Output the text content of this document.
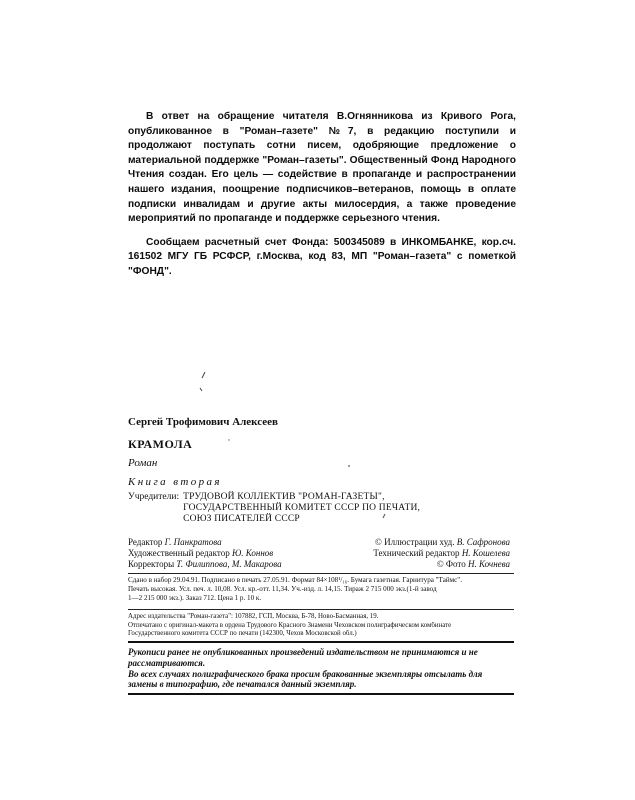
В ответ на обращение читателя В.Огнянникова из Кривого Рога, опубликованное в "Роман–газете" №7, в редакцию поступили и продолжают поступать сотни писем, одобряющие предложение о материальной поддержке "Роман–газеты". Общественный Фонд Народного Чтения создан. Его цель — содействие в пропаганде и распространении нашего издания, поощрение подписчиков–ветеранов, помощь в оплате подписки инвалидам и другие акты милосердия, а также проведение мероприятий по пропаганде и поддержке серьезного чтения.

Сообщаем расчетный счет Фонда: 500345089 в ИНКОМБАНКЕ, кор.сч. 161502 МГУ ГБ РСФСР, г.Москва, код 83, МП "Роман–газета" с пометкой "ФОНД".

Сергей Трофимович Алексеев
КРАМОЛА
Роман
Книга вторая
Учредители: ТРУДОВОЙ КОЛЛЕКТИВ "РОМАН-ГАЗЕТЫ",
ГОСУДАРСТВЕННЫЙ КОМИТЕТ СССР ПО ПЕЧАТИ,
СОЮЗ ПИСАТЕЛЕЙ СССР
Редактор Г. Панкратова
Художественный редактор Ю. Коннов
Корректоры Т. Филиппова, М. Макарова
© Иллюстрации худ. В. Сафронова
Технический редактор Н. Кошелева
© Фото Н. Кочнева
Сдано в набор 29.04.91. Подписано в печать 27.05.91. Формат 84×108¹/₁₆. Бумага газетная. Гарнитура "Таймс".
Печать высокая. Усл. печ. л. 10,08. Усл. кр.-отт. 11,34. Уч.-изд. л. 14,15. Тираж 2 715 000 экз.(1-й завод
1—2 215 000 экз.). Заказ 712. Цена 1 р. 10 к.
Адрес издательства "Роман-газета": 107882, ГСП, Москва, Б-78, Ново-Басманная, 19.
Отпечатано с оригинал-макета в ордена Трудового Красного Знамени Чеховском полиграфическом комбинате
Государственного комитета СССР по печати (142300, Чехов Московской обл.)
Рукописи ранее не опубликованных произведений издательством не принимаются и не
рассматриваются.
Во всех случаях полиграфического брака просим бракованные экземпляры отсылать для
замены в типографию, где печатался данный экземпляр.
